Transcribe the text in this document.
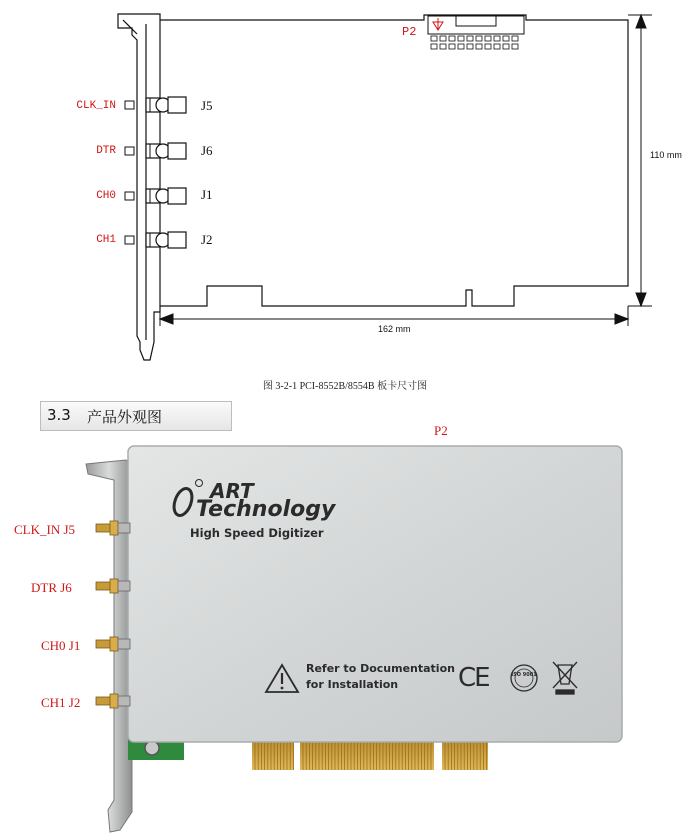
P2
110 mm
162 mm
CLK_IN
DTR
CH0
CH1
J5
J6
J1
J2
图 3-2-1 PCI-8552B/8554B 板卡尺寸图
3.3 产品外观图
P2
ART
Technology
High Speed Digitizer
Refer to Documentation
for Installation CE	ISO 9001
CLK_IN J5
DTR J6
CH0 J1
CH1 J2
